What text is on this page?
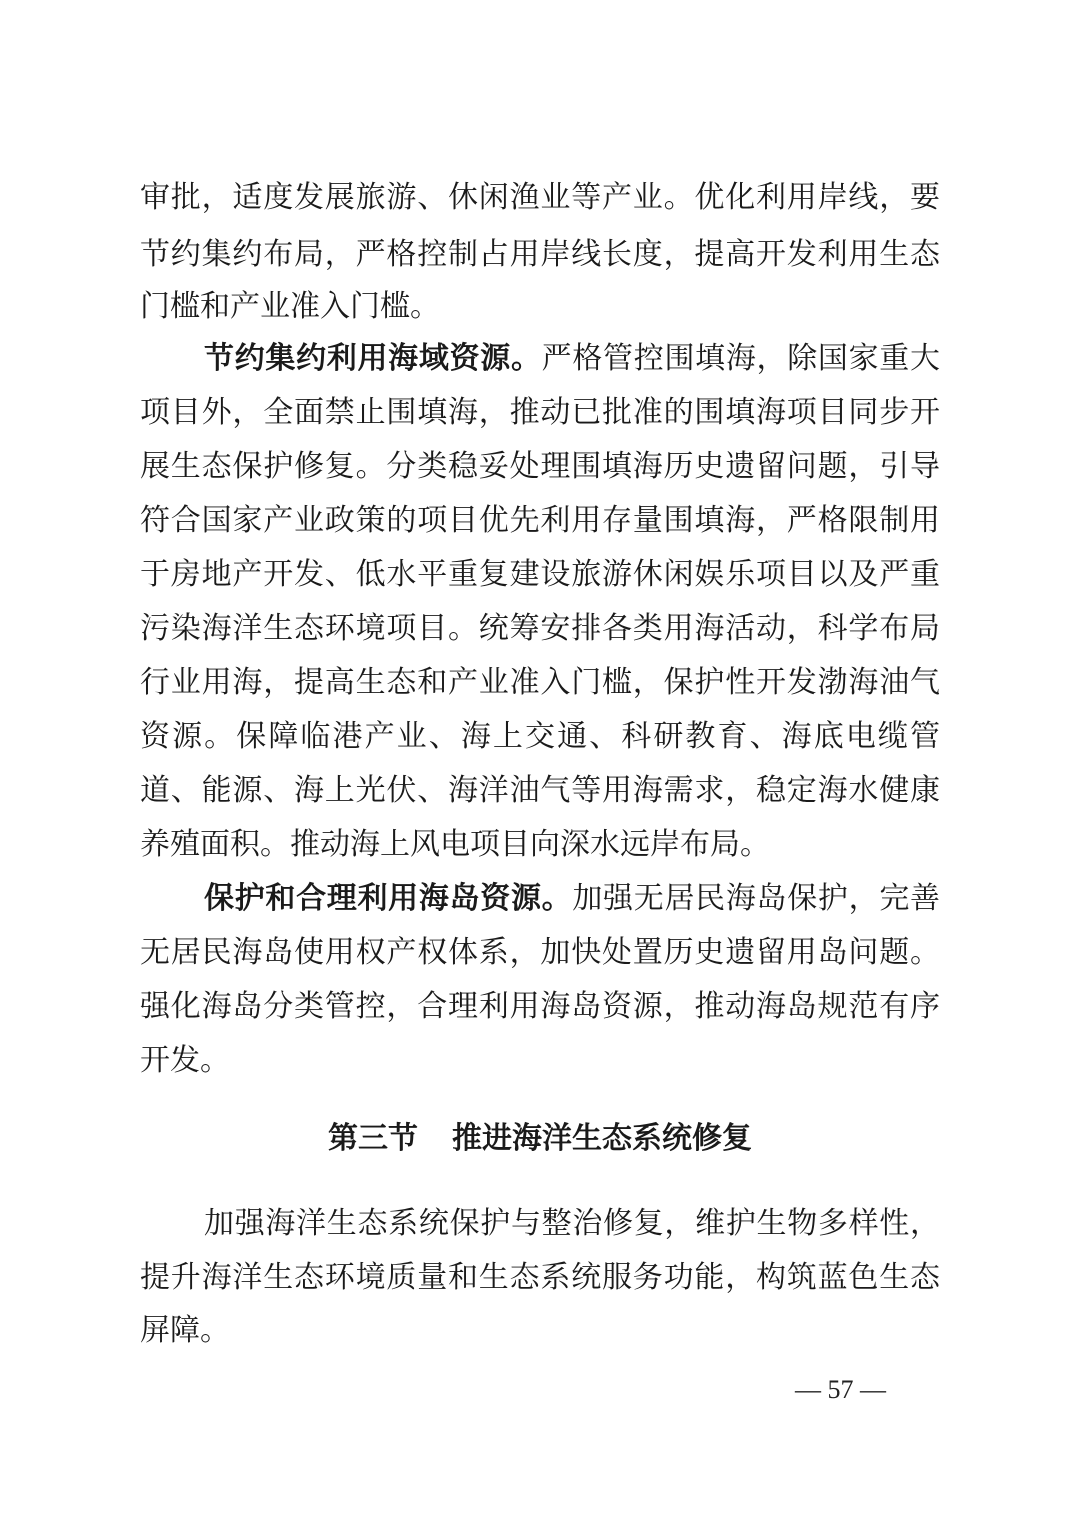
审批，适度发展旅游、休闲渔业等产业。优化利用岸线，要
节约集约布局，严格控制占用岸线长度，提高开发利用生态
门槛和产业准入门槛。
节约集约利用海域资源。严格管控围填海，除国家重大
项目外，全面禁止围填海，推动已批准的围填海项目同步开
展生态保护修复。分类稳妥处理围填海历史遗留问题，引导
符合国家产业政策的项目优先利用存量围填海，严格限制用
于房地产开发、低水平重复建设旅游休闲娱乐项目以及严重
污染海洋生态环境项目。统筹安排各类用海活动，科学布局
行业用海，提高生态和产业准入门槛，保护性开发渤海油气
资源。保障临港产业、海上交通、科研教育、海底电缆管
道、能源、海上光伏、海洋油气等用海需求，稳定海水健康
养殖面积。推动海上风电项目向深水远岸布局。
保护和合理利用海岛资源。加强无居民海岛保护，完善
无居民海岛使用权产权体系，加快处置历史遗留用岛问题。
强化海岛分类管控，合理利用海岛资源，推动海岛规范有序
开发。
第三节 推进海洋生态系统修复
加强海洋生态系统保护与整治修复，维护生物多样性，
提升海洋生态环境质量和生态系统服务功能，构筑蓝色生态
屏障。
— 57 —
